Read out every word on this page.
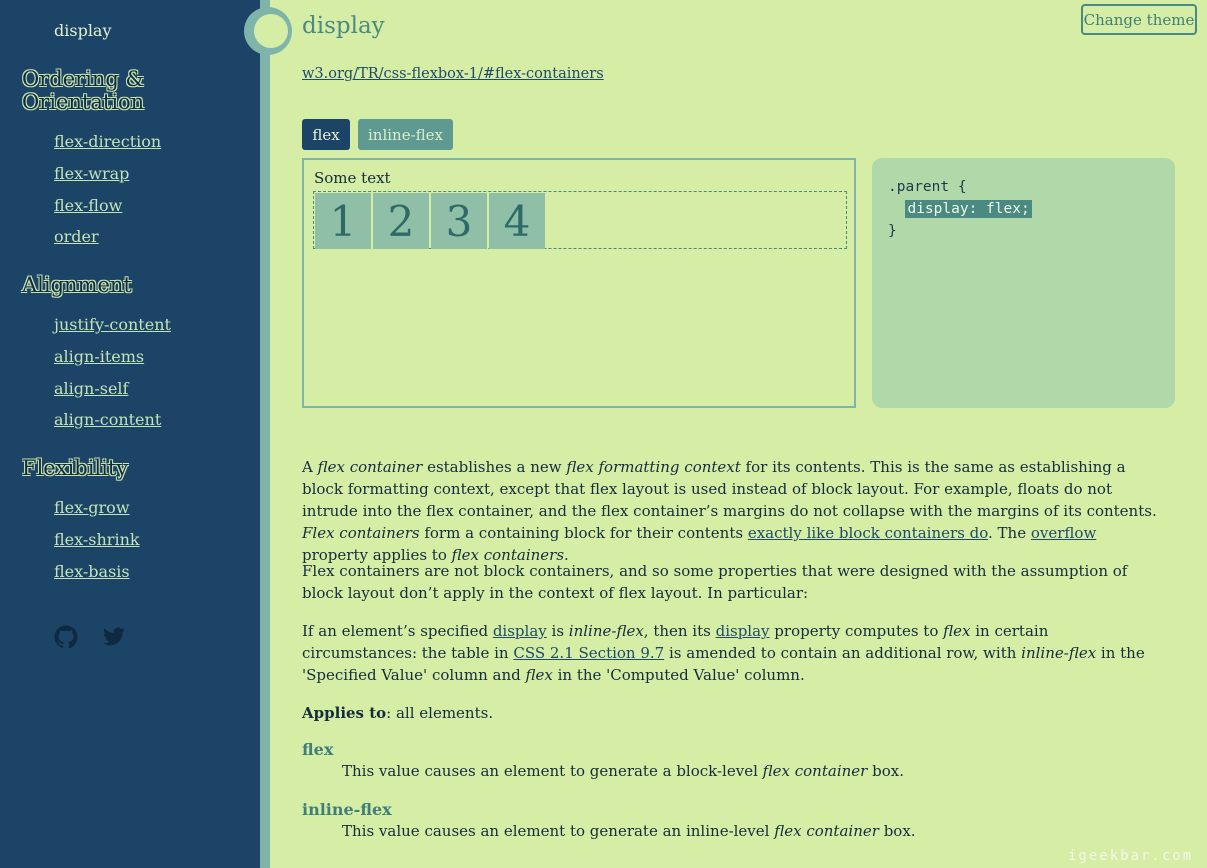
display
Ordering & Orientation
flex-direction
flex-wrap
flex-flow
order
Alignment
justify-content
align-items
align-self
align-content
Flexibility
flex-grow
flex-shrink
flex-basis
display
w3.org/TR/css-flexbox-1/#flex-containers
Change theme
flex	inline-flex
Some text
1 2 3 4
.parent {
display: flex;
}

A flex container establishes a new flex formatting context for its contents. This is the same as establishing a block formatting context, except that flex layout is used instead of block layout. For example, floats do not intrude into the flex container, and the flex container’s margins do not collapse with the margins of its contents. Flex containers form a containing block for their contents exactly like block containers do. The overflow property applies to flex containers.

Flex containers are not block containers, and so some properties that were designed with the assumption of block layout don’t apply in the context of flex layout. In particular:

If an element’s specified display is inline-flex, then its display property computes to flex in certain circumstances: the table in CSS 2.1 Section 9.7 is amended to contain an additional row, with inline-flex in the 'Specified Value' column and flex in the 'Computed Value' column.

Applies to: all elements.

flex
This value causes an element to generate a block-level flex container box.
inline-flex
This value causes an element to generate an inline-level flex container box.
igeekbar.com
